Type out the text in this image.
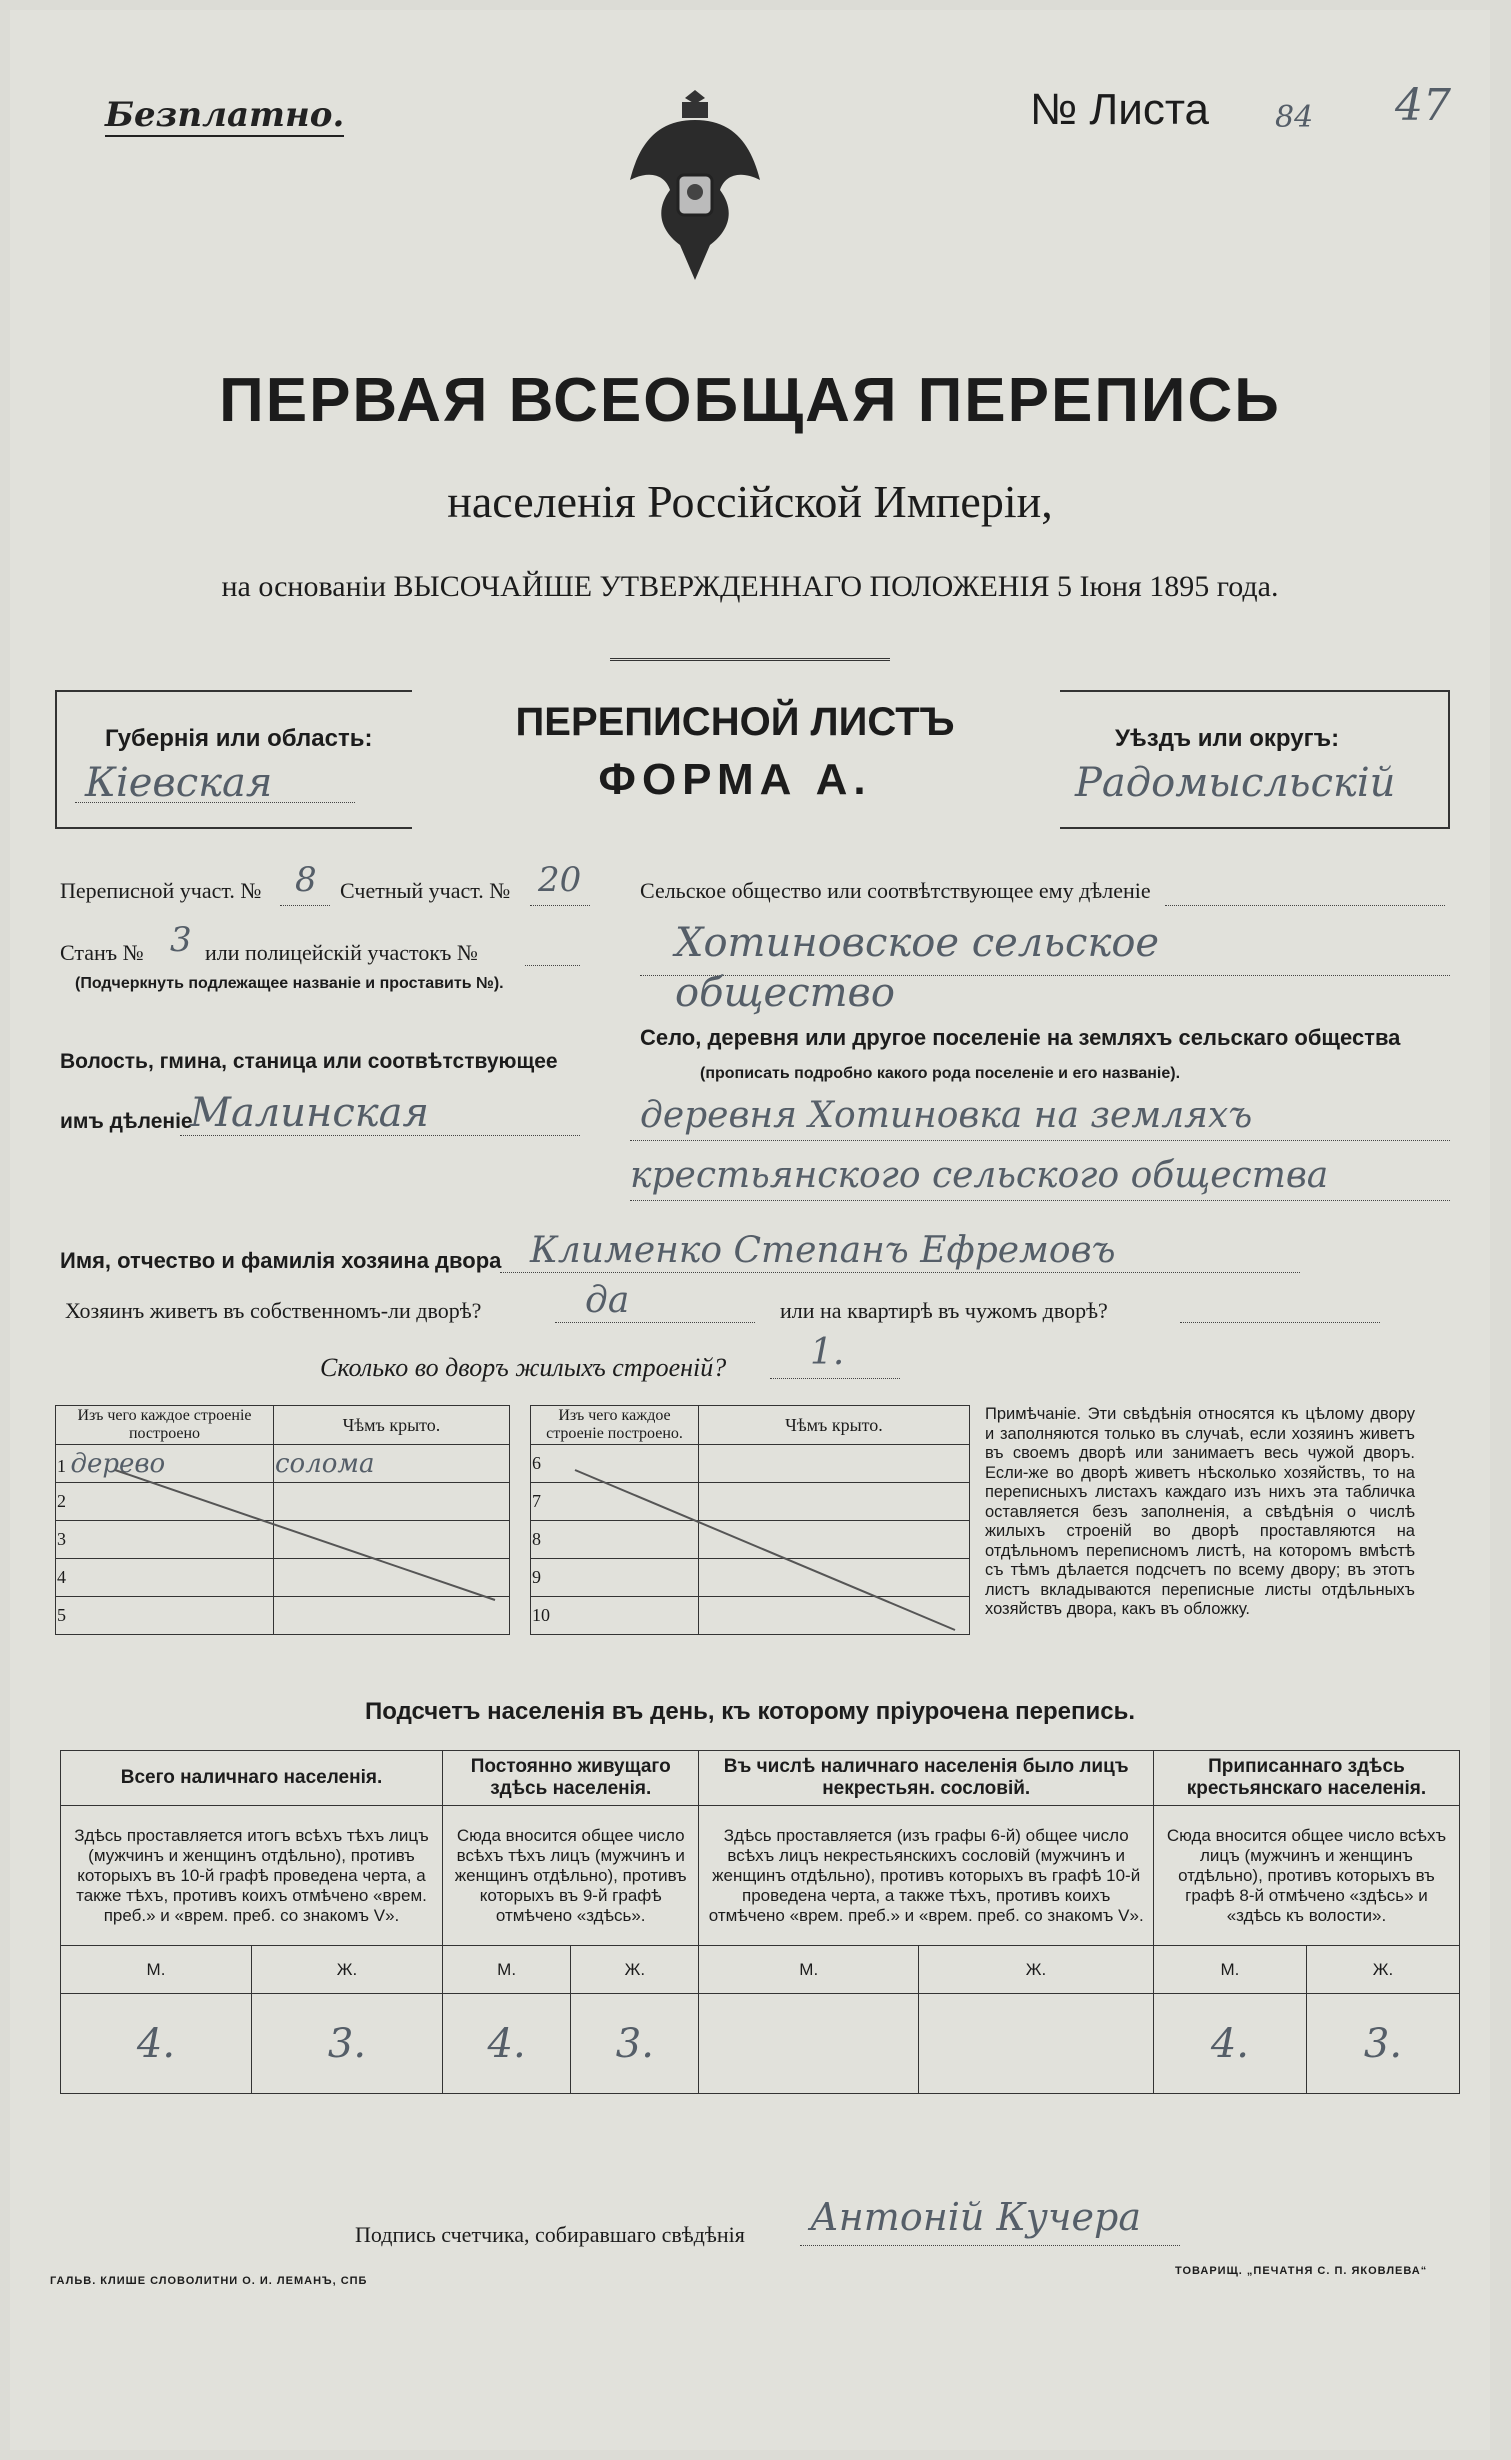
Безплатно.	№ Листа 84 47
ПЕРВАЯ ВСЕОБЩАЯ ПЕРЕПИСЬ
населенія Россійской Имперіи,
на основаніи ВЫСОЧАЙШЕ УТВЕРЖДЕННАГО ПОЛОЖЕНІЯ 5 Іюня 1895 года.
Губернія или область:
Кіевская
Уѣздъ или округъ:
Радомысльскій
ПЕРЕПИСНОЙ ЛИСТЪ
ФОРМА А.
Переписной участ. № 8 Счетный участ. № 20
Станъ № 3 или полицейскій участокъ №
(Подчеркнуть подлежащее названіе и проставить №).
Волость, гмина, станица или соотвѣтствующее
имъ дѣленіе
Малинская
Сельское общество или соотвѣтствующее ему дѣленіе
Хотиновское сельское
общество
Село, деревня или другое поселеніе на земляхъ сельскаго общества
(прописать подробно какого рода поселеніе и его названіе).
деревня Хотиновка на земляхъ
крестьянского сельского общества
Имя, отчество и фамилія хозяина двора Клименко Степанъ Ефремовъ
Хозяинъ живетъ въ собственномъ-ли дворѣ?	да	или на квартирѣ въ чужомъ дворѣ?
Сколько во дворъ жилыхъ строеній? 1.
Изъ чего каждое строеніе построено	Чѣмъ крыто.
1 дерево	солома
2	
3	
4	
5	
Изъ чего каждое строеніе построено.	Чѣмъ крыто.
6	
7	
8	
9	
10	
Примѣчаніе. Эти свѣдѣнія относятся къ цѣлому двору и заполняются только въ случаѣ, если хозяинъ живетъ въ своемъ дворѣ или занимаетъ весь чужой дворъ. Если-же во дворѣ живетъ нѣсколько хозяйствъ, то на переписныхъ листахъ каждаго изъ нихъ эта табличка оставляется безъ заполненія, а свѣдѣнія о числѣ жилыхъ строеній во дворѣ проставляются на отдѣльномъ переписномъ листѣ, на которомъ вмѣстѣ съ тѣмъ дѣлается подсчетъ по всему двору; въ этотъ листъ вкладываются переписные листы отдѣльныхъ хозяйствъ двора, какъ въ обложку.
Подсчетъ населенія въ день, къ которому пріурочена перепись.
Всего наличнаго населенія.		Постоянно живущаго здѣсь населенія.		Въ числѣ наличнаго населенія было лицъ некрестьян. сословій.		Приписаннаго здѣсь крестьянскаго населенія.	
Здѣсь проставляется итогъ всѣхъ тѣхъ лицъ (мужчинъ и женщинъ отдѣльно), противъ которыхъ въ 10-й графѣ проведена черта, а также тѣхъ, противъ коихъ отмѣчено «врем. преб.» и «врем. преб. со знакомъ V».		Сюда вносится общее число всѣхъ тѣхъ лицъ (мужчинъ и женщинъ отдѣльно), противъ которыхъ въ 9-й графѣ отмѣчено «здѣсь».		Здѣсь проставляется (изъ графы 6-й) общее число всѣхъ лицъ некрестьянскихъ сословій (мужчинъ и женщинъ отдѣльно), противъ которыхъ въ графѣ 10-й проведена черта, а также тѣхъ, противъ коихъ отмѣчено «врем. преб.» и «врем. преб. со знакомъ V».		Сюда вносится общее число всѣхъ лицъ (мужчинъ и женщинъ отдѣльно), противъ которыхъ въ графѣ 8-й отмѣчено «здѣсь» и «здѣсь къ волости».	
М.	Ж.	М.	Ж.	М.	Ж.	М.	Ж.
4.	3.	4.	3.			4.	3.
Подпись счетчика, собиравшаго свѣдѣнія Антоній Кучера
ГАЛЬВ. КЛИШЕ СЛОВОЛИТНИ О. И. ЛЕМАНЪ, СПБ
ТОВАРИЩ. „ПЕЧАТНЯ С. П. ЯКОВЛЕВА“
